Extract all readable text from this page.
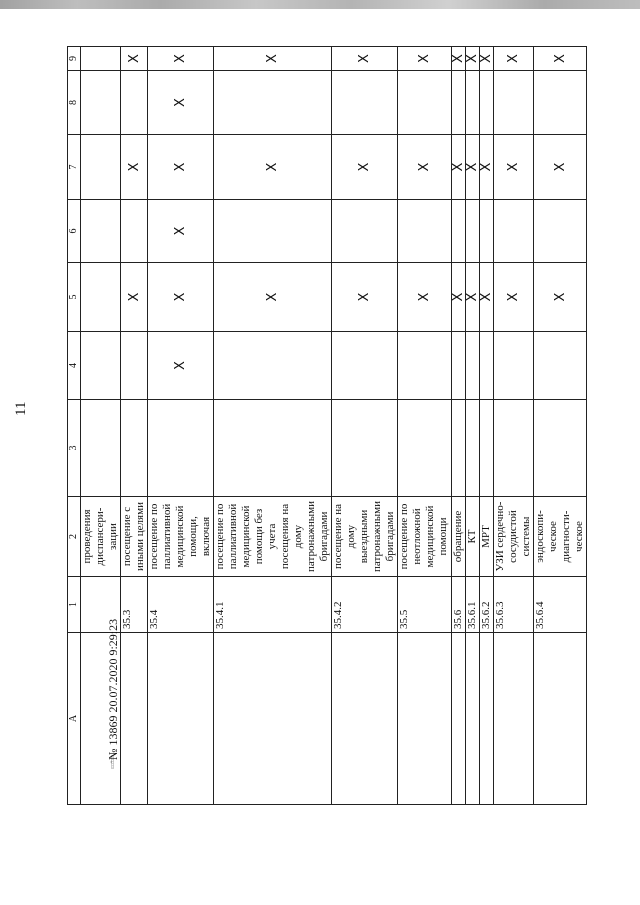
11
А	1	2	3	4	5	6	7	8	9
		проведения диспансери-зации							
	35.3	посещение с иными целями			X		X		X
	35.4	посещение по паллиативной медицинской помощи, включая		X	X	X	X	X	X
	35.4.1	посещение по паллиативной медицинской помощи без учета посещения на дому патронажными бригадами			X		X		X
	35.4.2	посещение на дому выездными патронажными бригадами			X		X		X
	35.5	посещение по неотложной медицинской помощи			X		X		X
	35.6	обращение			X		X		X
	35.6.1	КТ			X		X		X
	35.6.2	МРТ			X		X		X
	35.6.3	УЗИ сердечно-сосудистой системы			X		X		X
	35.6.4	эндоскопи-ческое диагности-ческое			X		X		X
№ 13869 20.07.2020 9:29:23
